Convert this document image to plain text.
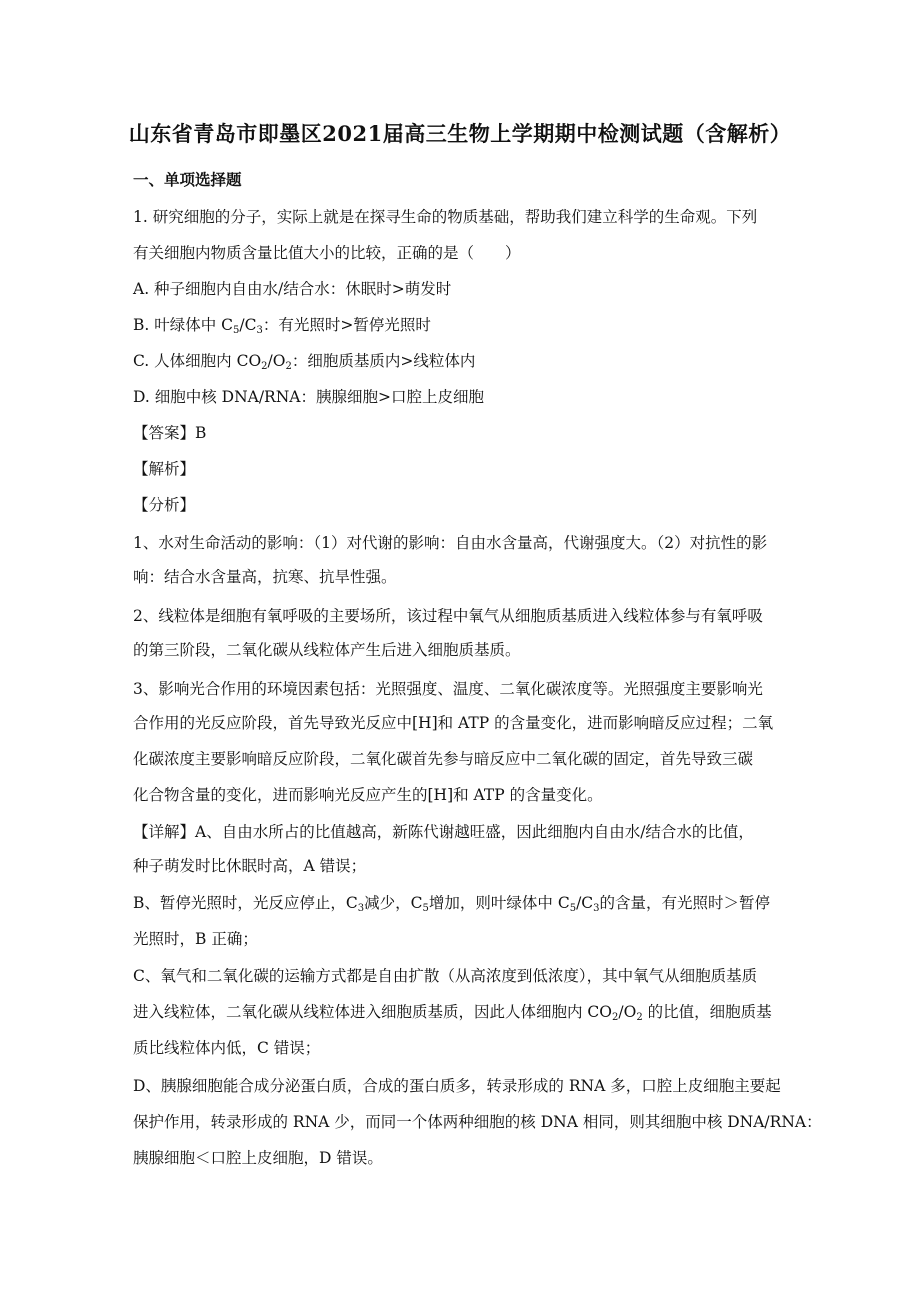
山东省青岛市即墨区2021届高三生物上学期期中检测试题（含解析）
一、单项选择题
1. 研究细胞的分子，实际上就是在探寻生命的物质基础，帮助我们建立科学的生命观。下列
有关细胞内物质含量比值大小的比较，正确的是（　　）
A. 种子细胞内自由水/结合水：休眠时>萌发时
B. 叶绿体中 $C_5/C_3$：有光照时>暂停光照时
C. 人体细胞内 $CO_2/O_2$：细胞质基质内>线粒体内
D. 细胞中核 DNA/RNA：胰腺细胞>口腔上皮细胞
【答案】B
【解析】
【分析】
1、水对生命活动的影响：（1）对代谢的影响：自由水含量高，代谢强度大。（2）对抗性的影
响：结合水含量高，抗寒、抗旱性强。
2、线粒体是细胞有氧呼吸的主要场所，该过程中氧气从细胞质基质进入线粒体参与有氧呼吸
的第三阶段，二氧化碳从线粒体产生后进入细胞质基质。
3、影响光合作用的环境因素包括：光照强度、温度、二氧化碳浓度等。光照强度主要影响光
合作用的光反应阶段，首先导致光反应中[H]和 ATP 的含量变化，进而影响暗反应过程；二氧
化碳浓度主要影响暗反应阶段，二氧化碳首先参与暗反应中二氧化碳的固定，首先导致三碳
化合物含量的变化，进而影响光反应产生的[H]和 ATP 的含量变化。
【详解】A、自由水所占的比值越高，新陈代谢越旺盛，因此细胞内自由水/结合水的比值，
种子萌发时比休眠时高，A 错误；
B、暂停光照时，光反应停止，$C_3$减少，$C_5$增加，则叶绿体中 $C_5/C_3$的含量，有光照时＞暂停
光照时，B 正确；
C、氧气和二氧化碳的运输方式都是自由扩散（从高浓度到低浓度），其中氧气从细胞质基质
进入线粒体，二氧化碳从线粒体进入细胞质基质，因此人体细胞内 $CO_2/O_2$ 的比值，细胞质基
质比线粒体内低，C 错误；
D、胰腺细胞能合成分泌蛋白质，合成的蛋白质多，转录形成的 RNA 多，口腔上皮细胞主要起
保护作用，转录形成的 RNA 少，而同一个体两种细胞的核 DNA 相同，则其细胞中核 DNA/RNA：
胰腺细胞＜口腔上皮细胞，D 错误。
